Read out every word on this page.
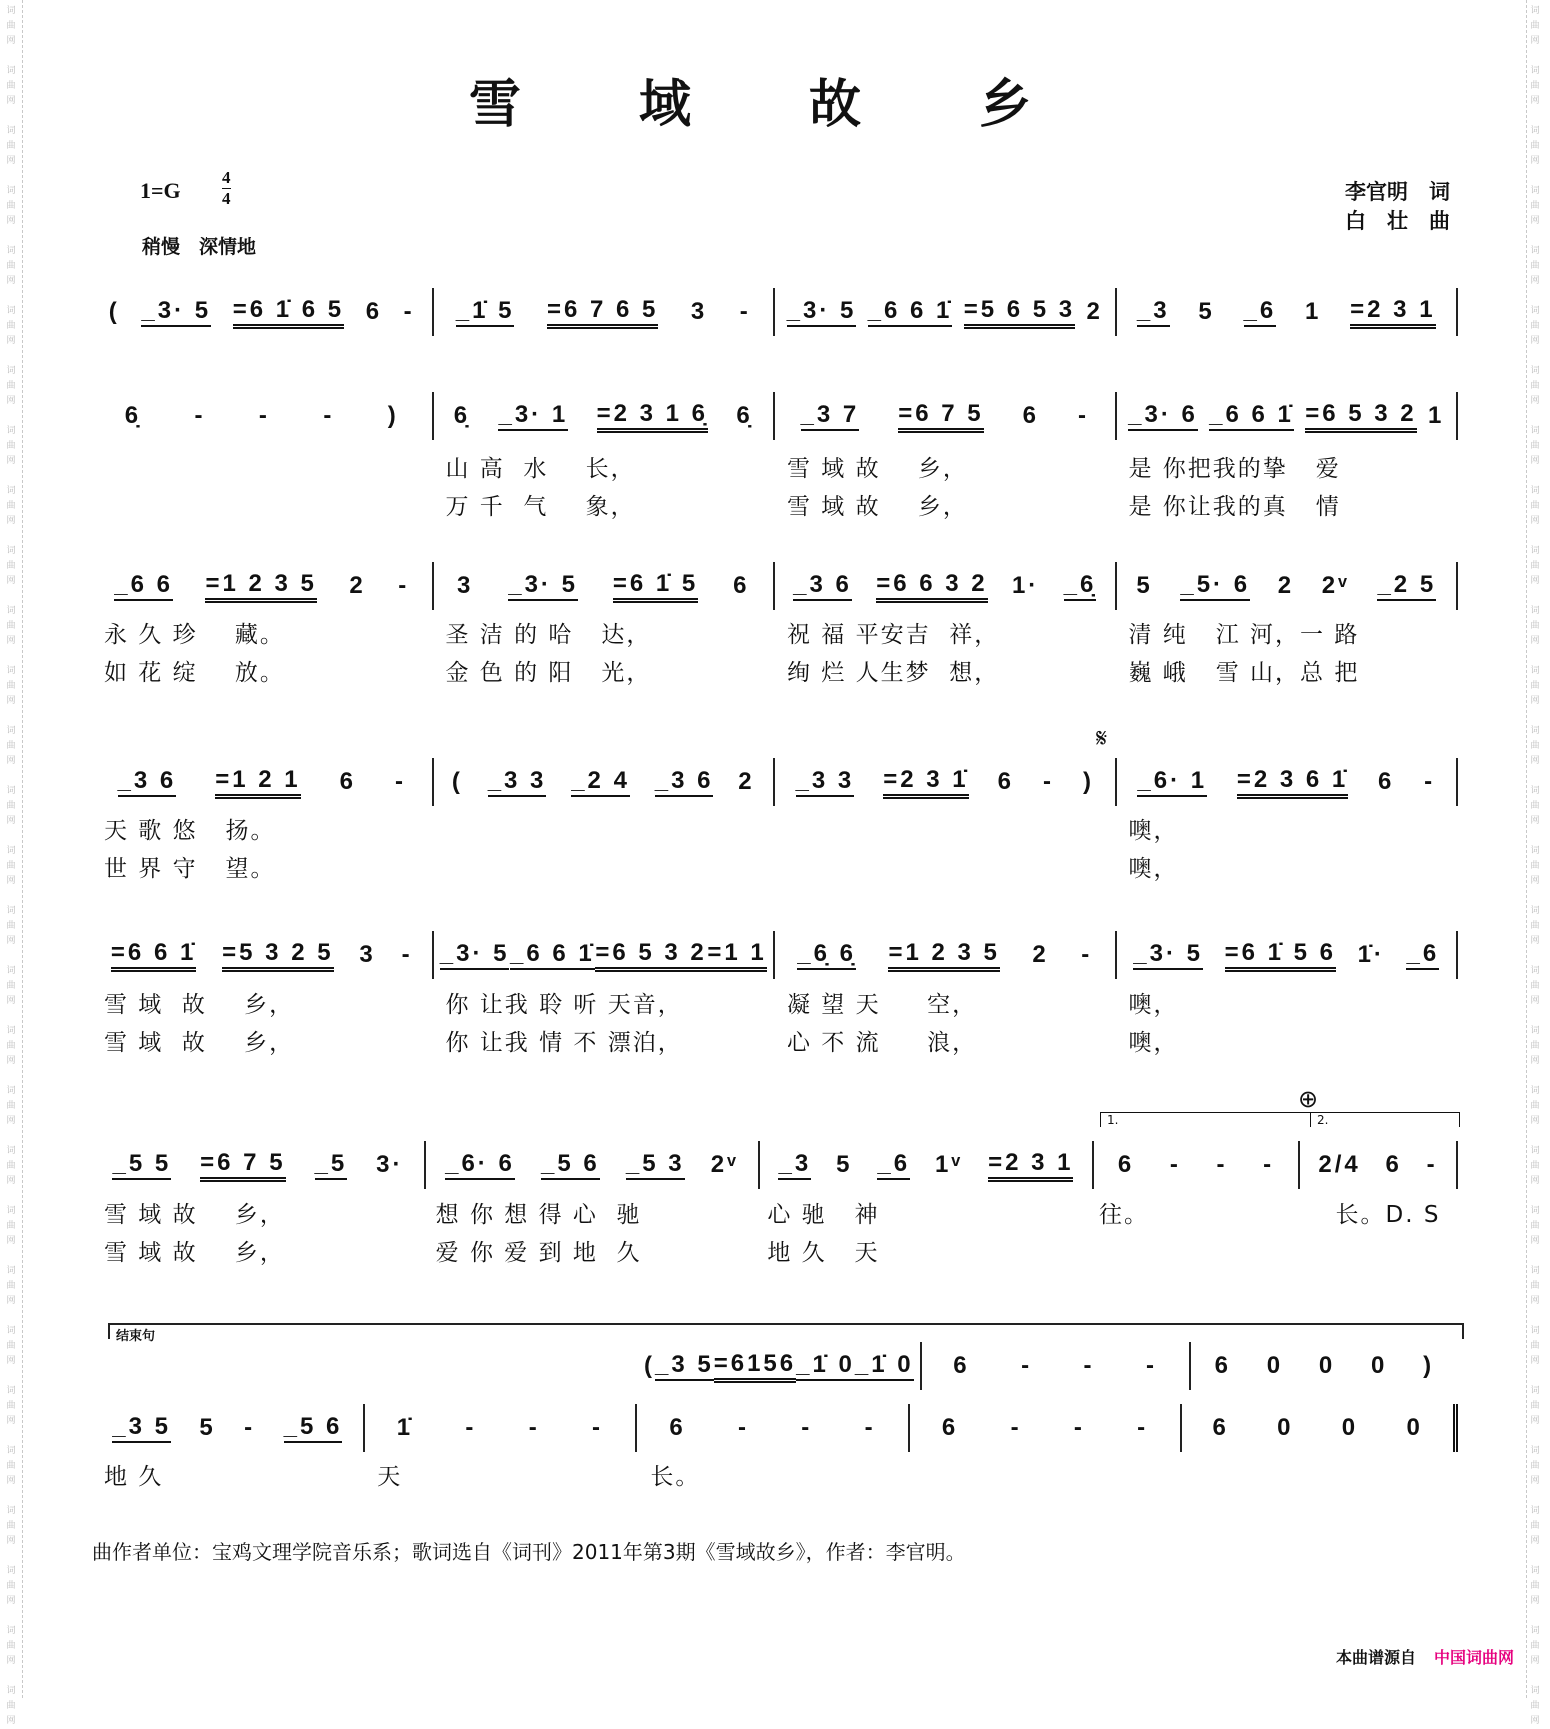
词
曲
网
词
曲
网
词
曲
网
词
曲
网
词
曲
网
词
曲
网
词
曲
网
词
曲
网
词
曲
网
词
曲
网
词
曲
网
词
曲
网
词
曲
网
词
曲
网
词
曲
网
词
曲
网
词
曲
网
词
曲
网
词
曲
网
词
曲
网
词
曲
网
词
曲
网
词
曲
网
词
曲
网
词
曲
网
词
曲
网
词
曲
网
词
曲
网
词
曲
网
词
曲
网
词
曲
网
词
曲
网
词
曲
网
词
曲
网
词
曲
网
词
曲
网
词
曲
网
词
曲
网
词
曲
网
词
曲
网
词
曲
网
词
曲
网
词
曲
网
词
曲
网
词
曲
网
词
曲
网
词
曲
网
词
曲
网
词
曲
网
词
曲
网
词
曲
网
词
曲
网
词
曲
网
词
曲
网
词
曲
网
词
曲
网
词
曲
网
词
曲
网
雪 域 故 乡
$1=G \frac{4}{4}$
稍慢　深情地
李官明　词
白　壮　曲
( _3· 5 =6 1̇ 6 5 6 - _1̇ 5 =6 7 6 5 3 - _3· 5 _6 6 1̇ =5 6 5 3 2 _3 5 _6 1 =2 3 1
6̣ - - - ) 6̣ _3· 1 =2 3 1 6̣ 6̣ _3 7 =6 7 5 6 - _3· 6 _6 6 1̇ =6 5 3 2 1
山 高  水    长，	雪 域 故    乡，	是 你把我的挚   爱
万 千  气    象，	雪 域 故    乡，	是 你让我的真   情
_6 6 =1 2 3 5 2 - 3 _3· 5 =6 1̇ 5 6 _3 6 =6 6 3 2 1· _6̣ 5 _5· 6 2 2ᵛ _2 5
永 久 珍    藏。	圣 洁 的 哈   达，	祝 福 平安吉  祥，	清 纯   江 河，一 路
如 花 绽    放。	金 色 的 阳   光，	绚 烂 人生梦  想，	巍 峨   雪 山，总 把
_3 6 =1 2 1 6 - ( _3 3 _2 4 _3 6 2 _3 3 =2 3 1̇ 6 - ) _6· 1 =2 3 6 1̇ 6 -
天 歌 悠   扬。	噢，
世 界 守   望。	噢，
=6 6 1̇ =5 3 2 5 3 - _3· 5 _6 6 1̇ =6 5 3 2 =1 1 _6̣ 6̣ =1 2 3 5 2 - _3· 5 =6 1̇ 5 6 1̇· _6
雪 域  故    乡，	你 让我 聆 听 天音，	凝 望 天     空，	噢，
雪 域  故    乡，	你 让我 情 不 漂泊，	心 不 流     浪，	噢，
_5 5 =6 7 5 _5 3· _6· 6 _5 6 _5 3 2ᵛ _3 5 _6 1ᵛ =2 3 1 6 - - - 2/4 6 -
雪 域 故    乡，	想 你 想 得 心  驰	心 驰   神	往。	长。D. S
雪 域 故    乡，	爱 你 爱 到 地  久	地 久   天
( _3 5 =6156 _1̇ 0 _1̇ 0 6 - - - 6 0 0 0 )
_3 5 5 - _5 6 1̇ - - -	6 - - -	6 - - -	6 0 0 0
地 久	天	长。
𝄋
⊕
1.	2.
结束句
曲作者单位：宝鸡文理学院音乐系；歌词选自《词刊》2011年第3期《雪域故乡》，作者：李官明。
本曲谱源自 中国词曲网
